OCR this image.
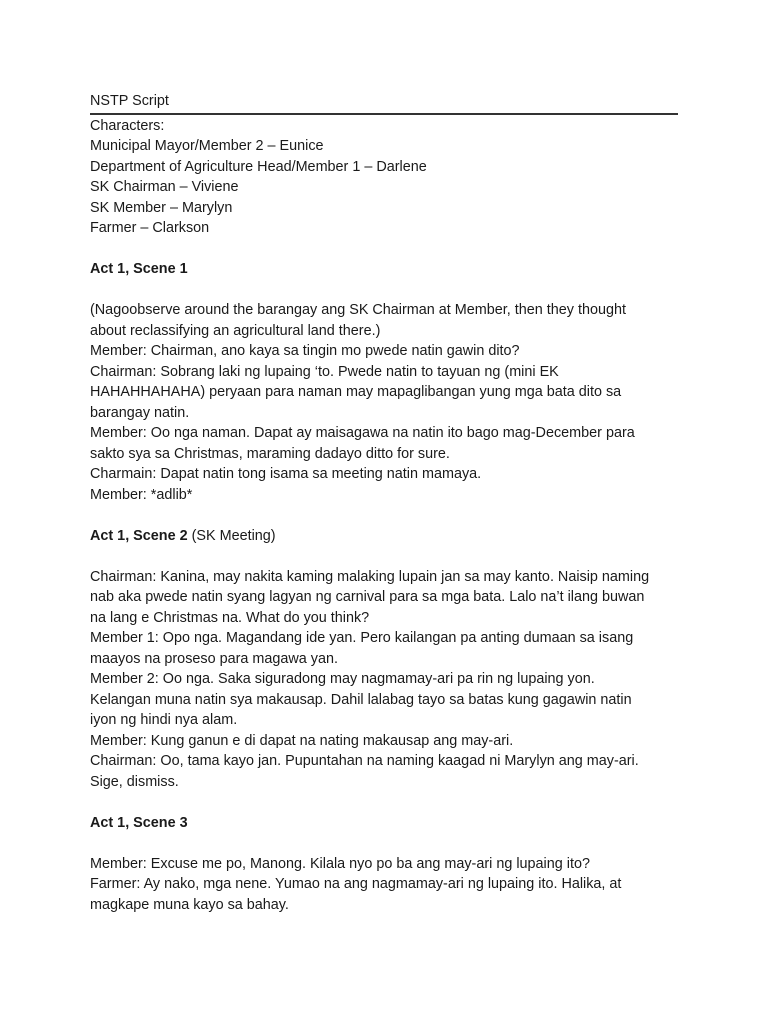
NSTP Script
Characters:
Municipal Mayor/Member 2 – Eunice
Department of Agriculture Head/Member 1 – Darlene
SK Chairman – Viviene
SK Member – Marylyn
Farmer – Clarkson
Act 1, Scene 1
(Nagoobserve around the barangay ang SK Chairman at Member, then they thought
about reclassifying an agricultural land there.)
Member: Chairman, ano kaya sa tingin mo pwede natin gawin dito?
Chairman: Sobrang laki ng lupaing ‘to. Pwede natin to tayuan ng (mini EK
HAHAHHAHAHA) peryaan para naman may mapaglibangan yung mga bata dito sa
barangay natin.
Member: Oo nga naman. Dapat ay maisagawa na natin ito bago mag-December para
sakto sya sa Christmas, maraming dadayo ditto for sure.
Charmain: Dapat natin tong isama sa meeting natin mamaya.
Member: *adlib*
Act 1, Scene 2 (SK Meeting)
Chairman: Kanina, may nakita kaming malaking lupain jan sa may kanto. Naisip naming
nab aka pwede natin syang lagyan ng carnival para sa mga bata. Lalo na’t ilang buwan
na lang e Christmas na. What do you think?
Member 1: Opo nga. Magandang ide yan. Pero kailangan pa anting dumaan sa isang
maayos na proseso para magawa yan.
Member 2: Oo nga. Saka siguradong may nagmamay-ari pa rin ng lupaing yon.
Kelangan muna natin sya makausap. Dahil lalabag tayo sa batas kung gagawin natin
iyon ng hindi nya alam.
Member: Kung ganun e di dapat na nating makausap ang may-ari.
Chairman: Oo, tama kayo jan. Pupuntahan na naming kaagad ni Marylyn ang may-ari.
Sige, dismiss.
Act 1, Scene 3
Member: Excuse me po, Manong. Kilala nyo po ba ang may-ari ng lupaing ito?
Farmer: Ay nako, mga nene. Yumao na ang nagmamay-ari ng lupaing ito. Halika, at
magkape muna kayo sa bahay.
